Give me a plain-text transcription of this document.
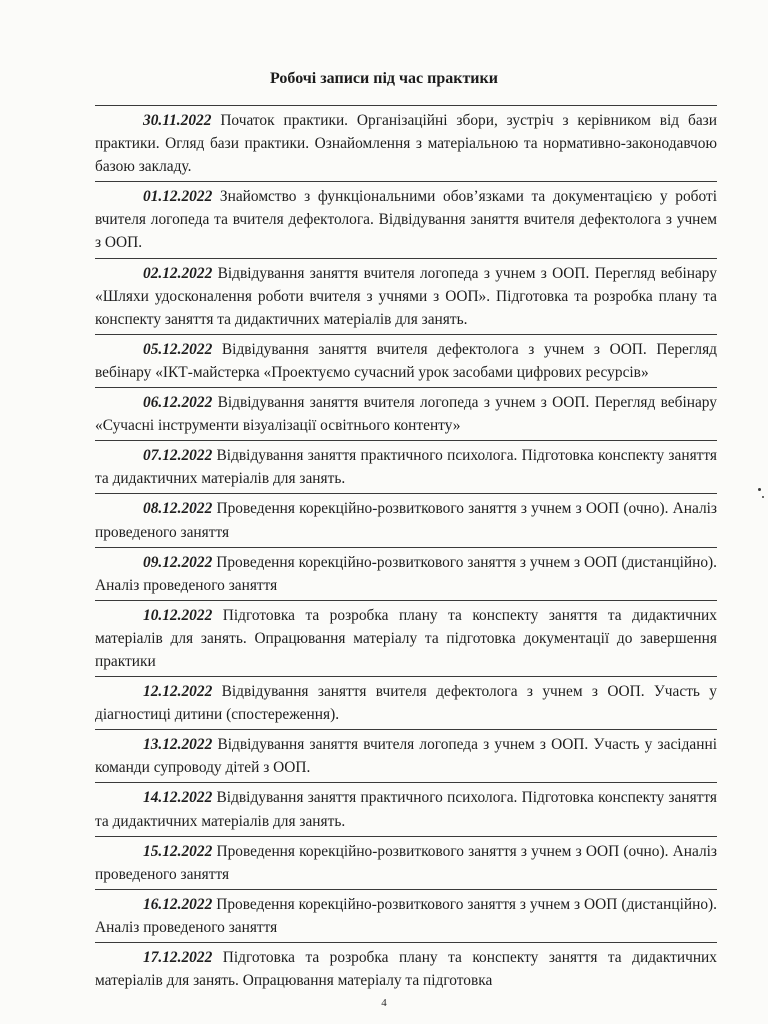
Робочі записи під час практики
30.11.2022 Початок практики. Організаційні збори, зустріч з керівником від бази практики. Огляд бази практики. Ознайомлення з матеріальною та нормативно-законодавчою базою закладу.
01.12.2022 Знайомство з функціональними обов’язками та документацією у роботі вчителя логопеда та вчителя дефектолога. Відвідування заняття вчителя дефектолога з учнем з ООП.
02.12.2022 Відвідування заняття вчителя логопеда з учнем з ООП. Перегляд вебінару «Шляхи удосконалення роботи вчителя з учнями з ООП». Підготовка та розробка плану та конспекту заняття та дидактичних матеріалів для занять.
05.12.2022 Відвідування заняття вчителя дефектолога з учнем з ООП. Перегляд вебінару «ІКТ-майстерка «Проектуємо сучасний урок засобами цифрових ресурсів»
06.12.2022 Відвідування заняття вчителя логопеда з учнем з ООП. Перегляд вебінару «Сучасні інструменти візуалізації освітнього контенту»
07.12.2022 Відвідування заняття практичного психолога. Підготовка конспекту заняття та дидактичних матеріалів для занять.
08.12.2022 Проведення корекційно-розвиткового заняття з учнем з ООП (очно). Аналіз проведеного заняття
09.12.2022 Проведення корекційно-розвиткового заняття з учнем з ООП (дистанційно). Аналіз проведеного заняття
10.12.2022 Підготовка та розробка плану та конспекту заняття та дидактичних матеріалів для занять. Опрацювання матеріалу та підготовка документації до завершення практики
12.12.2022 Відвідування заняття вчителя дефектолога з учнем з ООП. Участь у діагностиці дитини (спостереження).
13.12.2022 Відвідування заняття вчителя логопеда з учнем з ООП. Участь у засіданні команди супроводу дітей з ООП.
14.12.2022 Відвідування заняття практичного психолога. Підготовка конспекту заняття та дидактичних матеріалів для занять.
15.12.2022 Проведення корекційно-розвиткового заняття з учнем з ООП (очно). Аналіз проведеного заняття
16.12.2022 Проведення корекційно-розвиткового заняття з учнем з ООП (дистанційно). Аналіз проведеного заняття
17.12.2022 Підготовка та розробка плану та конспекту заняття та дидактичних матеріалів для занять. Опрацювання матеріалу та підготовка
4
